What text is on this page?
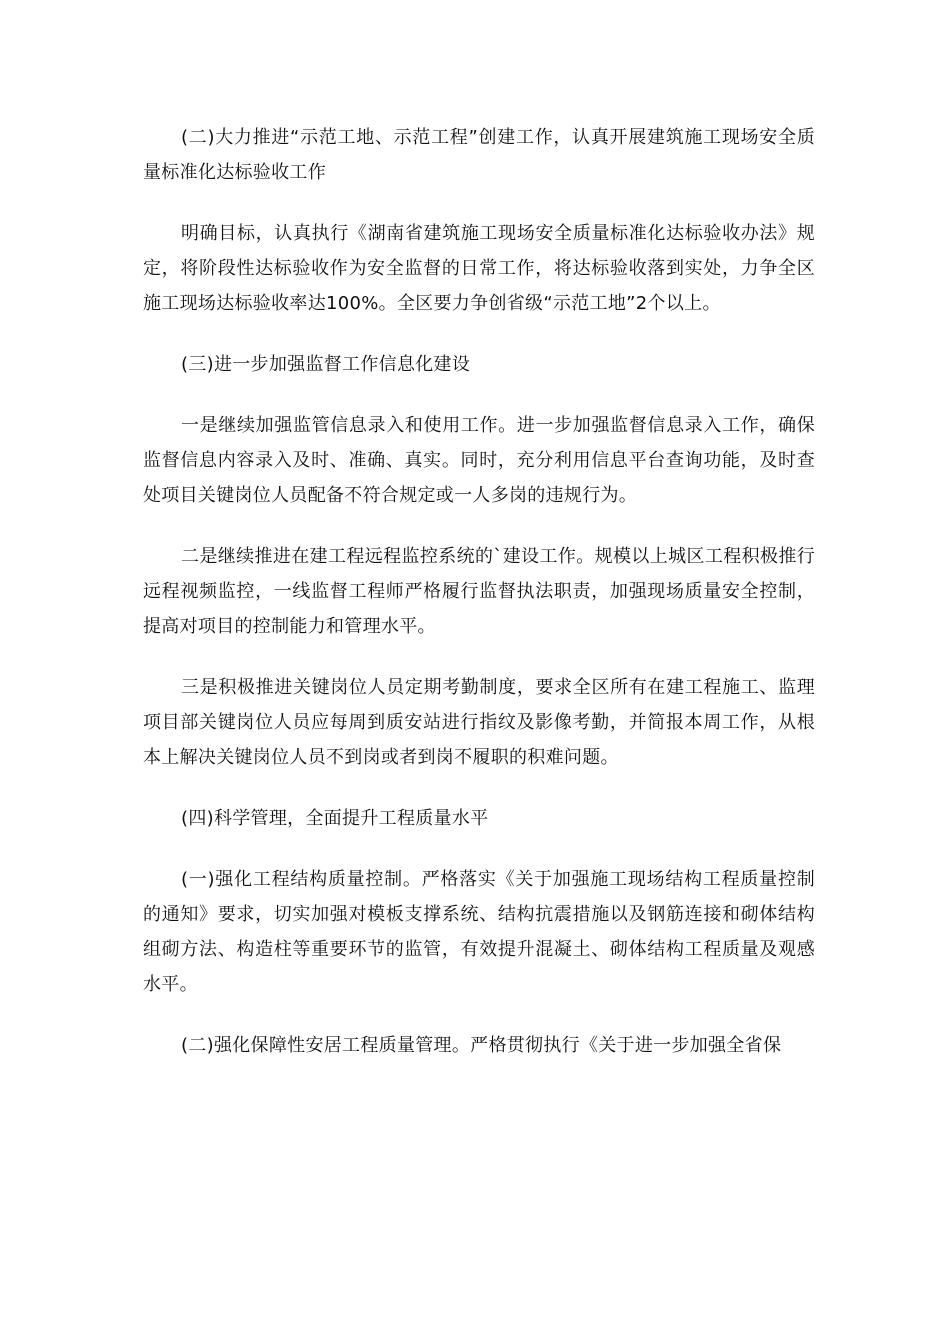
(二)大力推进“示范工地、示范工程”创建工作，认真开展建筑施工现场安全质量标准化达标验收工作

明确目标，认真执行《湖南省建筑施工现场安全质量标准化达标验收办法》规定，将阶段性达标验收作为安全监督的日常工作，将达标验收落到实处，力争全区施工现场达标验收率达100%。全区要力争创省级“示范工地”2个以上。

(三)进一步加强监督工作信息化建设

一是继续加强监管信息录入和使用工作。进一步加强监督信息录入工作，确保监督信息内容录入及时、准确、真实。同时，充分利用信息平台查询功能，及时查处项目关键岗位人员配备不符合规定或一人多岗的违规行为。

二是继续推进在建工程远程监控系统的`建设工作。规模以上城区工程积极推行远程视频监控，一线监督工程师严格履行监督执法职责，加强现场质量安全控制，提高对项目的控制能力和管理水平。

三是积极推进关键岗位人员定期考勤制度，要求全区所有在建工程施工、监理项目部关键岗位人员应每周到质安站进行指纹及影像考勤，并简报本周工作，从根本上解决关键岗位人员不到岗或者到岗不履职的积难问题。

(四)科学管理，全面提升工程质量水平

(一)强化工程结构质量控制。严格落实《关于加强施工现场结构工程质量控制的通知》要求，切实加强对模板支撑系统、结构抗震措施以及钢筋连接和砌体结构组砌方法、构造柱等重要环节的监管，有效提升混凝土、砌体结构工程质量及观感水平。

(二)强化保障性安居工程质量管理。严格贯彻执行《关于进一步加强全省保
